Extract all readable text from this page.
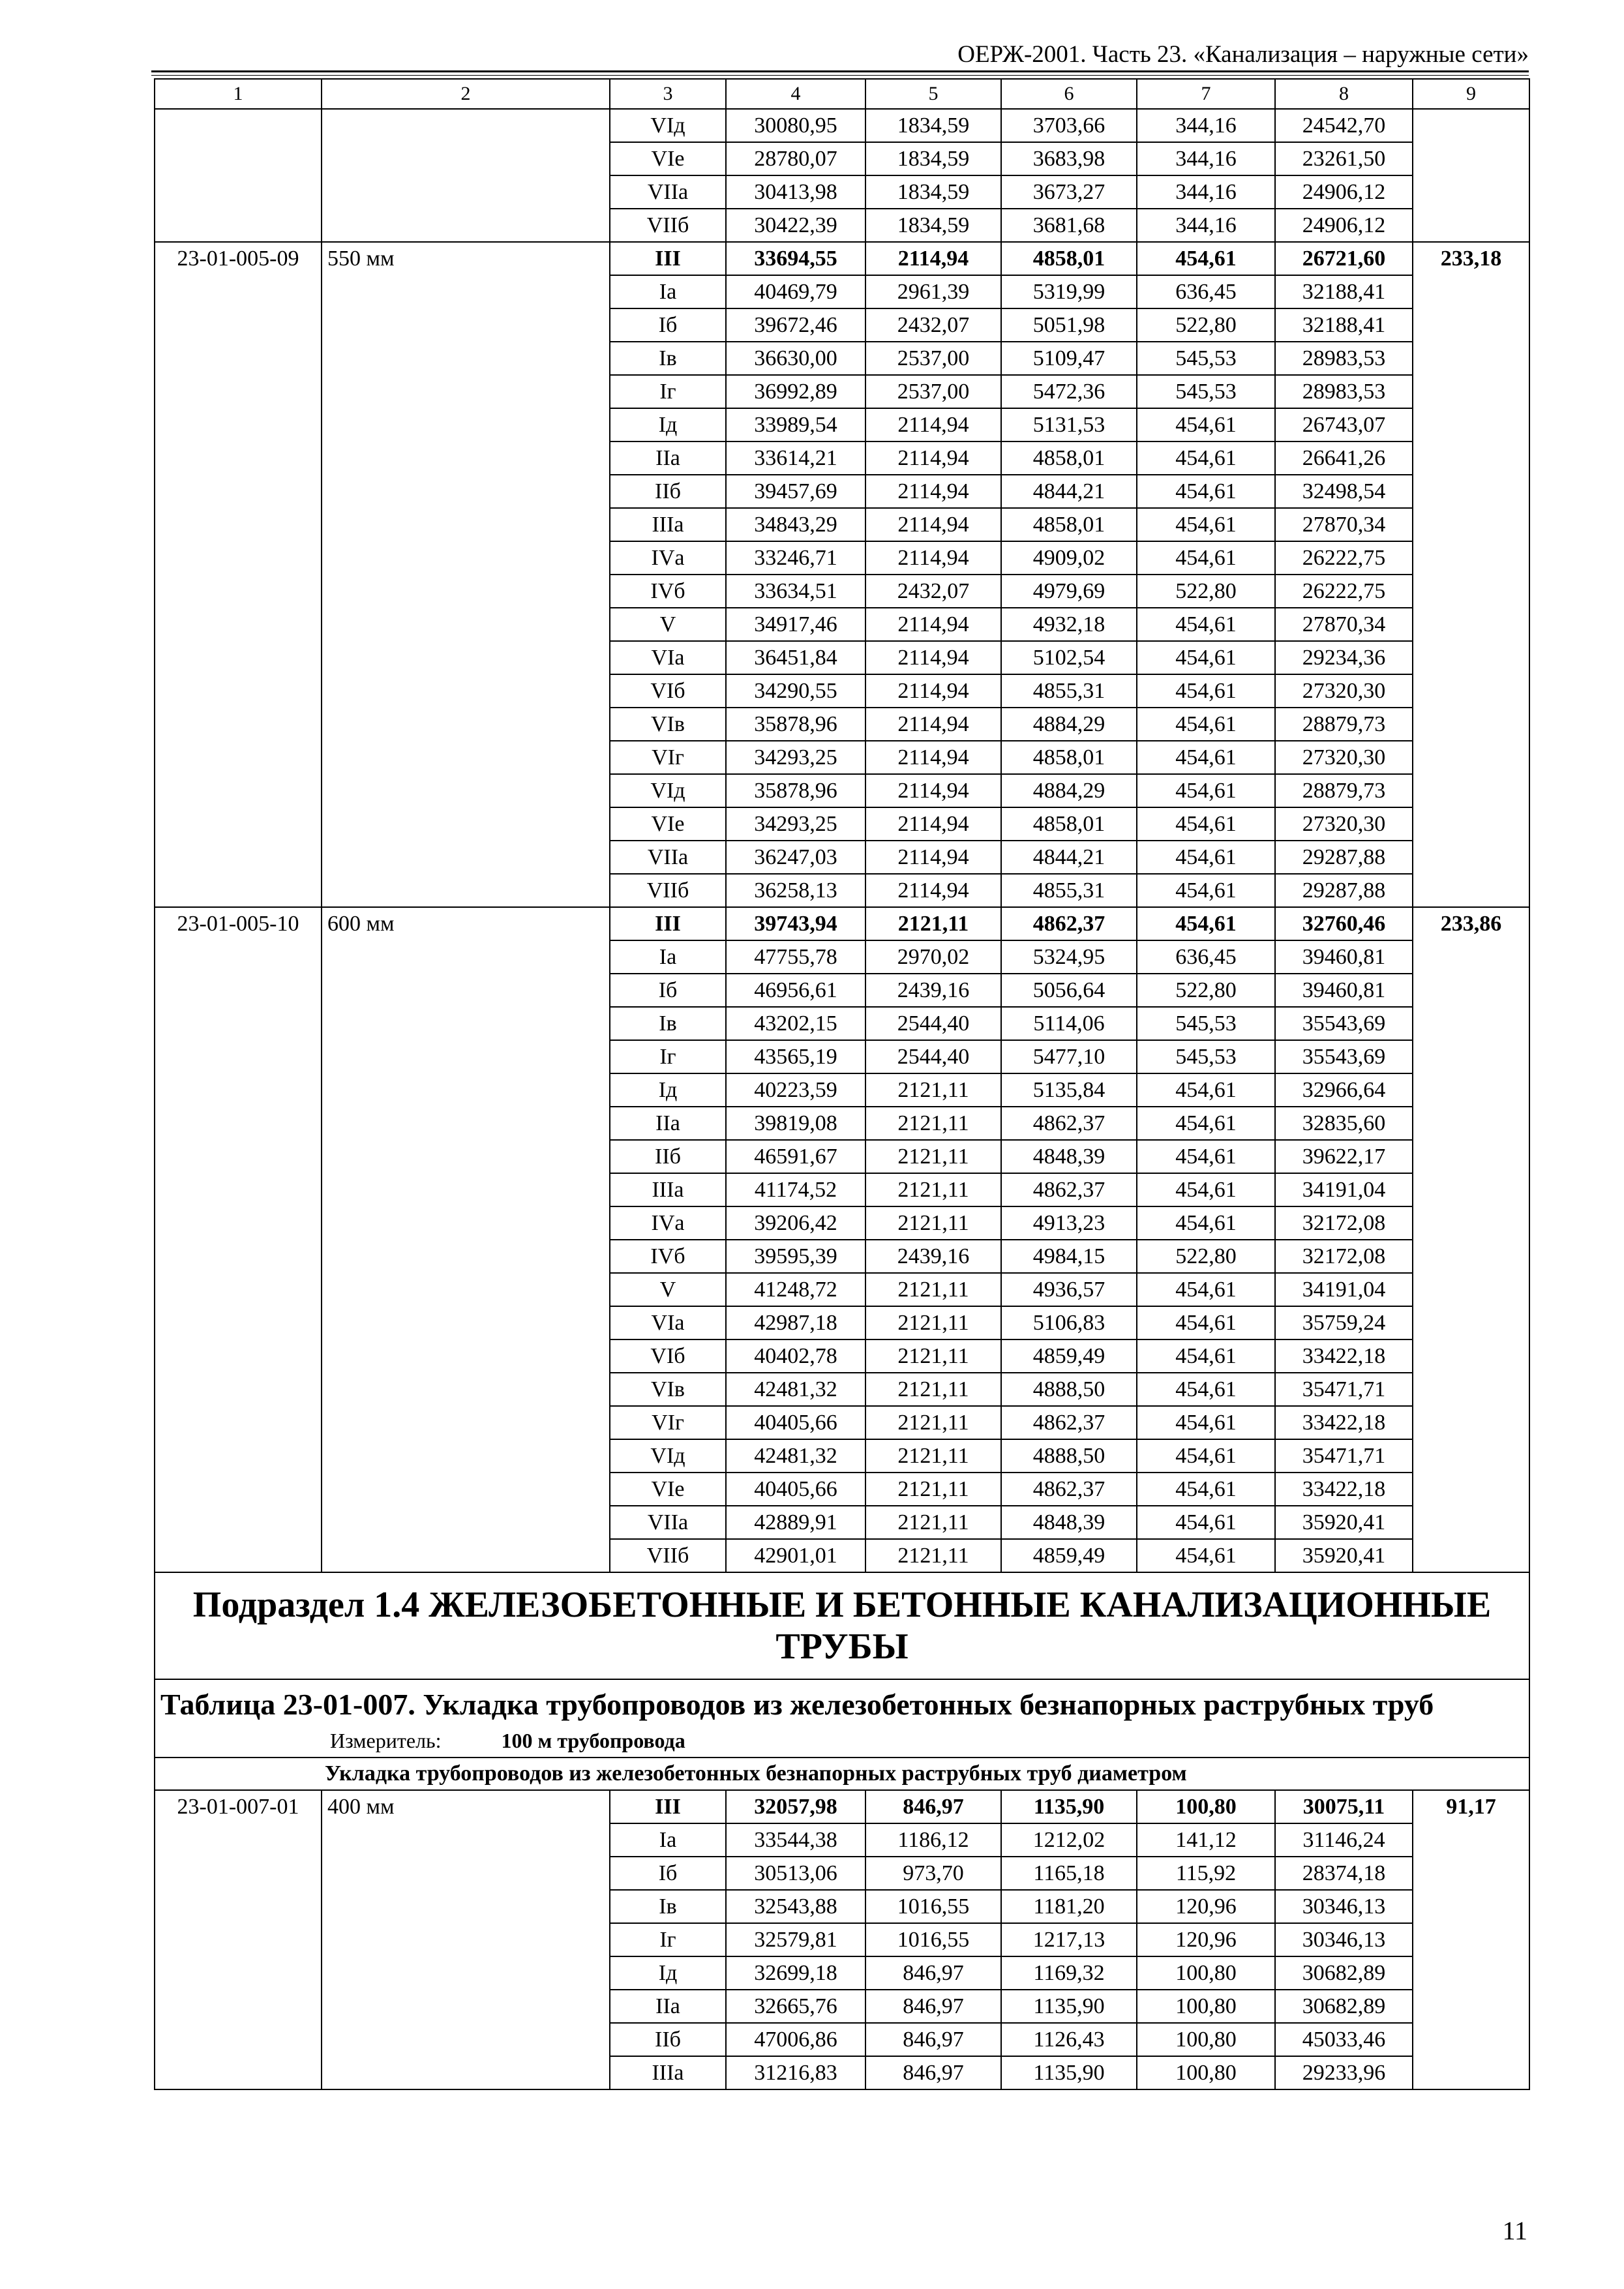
ОЕРЖ-2001. Часть 23. «Канализация – наружные сети»
1	2	3	4	5	6	7	8	9
		VIд	30080,95	1834,59	3703,66	344,16	24542,70	
		VIе	28780,07	1834,59	3683,98	344,16	23261,50	
		VIIа	30413,98	1834,59	3673,27	344,16	24906,12	
		VIIб	30422,39	1834,59	3681,68	344,16	24906,12	
23-01-005-09	550 мм	III	33694,55	2114,94	4858,01	454,61	26721,60	233,18
		Iа	40469,79	2961,39	5319,99	636,45	32188,41	
		Iб	39672,46	2432,07	5051,98	522,80	32188,41	
		Iв	36630,00	2537,00	5109,47	545,53	28983,53	
		Iг	36992,89	2537,00	5472,36	545,53	28983,53	
		Iд	33989,54	2114,94	5131,53	454,61	26743,07	
		IIа	33614,21	2114,94	4858,01	454,61	26641,26	
		IIб	39457,69	2114,94	4844,21	454,61	32498,54	
		IIIа	34843,29	2114,94	4858,01	454,61	27870,34	
		IVа	33246,71	2114,94	4909,02	454,61	26222,75	
		IVб	33634,51	2432,07	4979,69	522,80	26222,75	
		V	34917,46	2114,94	4932,18	454,61	27870,34	
		VIа	36451,84	2114,94	5102,54	454,61	29234,36	
		VIб	34290,55	2114,94	4855,31	454,61	27320,30	
		VIв	35878,96	2114,94	4884,29	454,61	28879,73	
		VIг	34293,25	2114,94	4858,01	454,61	27320,30	
		VIд	35878,96	2114,94	4884,29	454,61	28879,73	
		VIе	34293,25	2114,94	4858,01	454,61	27320,30	
		VIIа	36247,03	2114,94	4844,21	454,61	29287,88	
		VIIб	36258,13	2114,94	4855,31	454,61	29287,88	
23-01-005-10	600 мм	III	39743,94	2121,11	4862,37	454,61	32760,46	233,86
		Iа	47755,78	2970,02	5324,95	636,45	39460,81	
		Iб	46956,61	2439,16	5056,64	522,80	39460,81	
		Iв	43202,15	2544,40	5114,06	545,53	35543,69	
		Iг	43565,19	2544,40	5477,10	545,53	35543,69	
		Iд	40223,59	2121,11	5135,84	454,61	32966,64	
		IIа	39819,08	2121,11	4862,37	454,61	32835,60	
		IIб	46591,67	2121,11	4848,39	454,61	39622,17	
		IIIа	41174,52	2121,11	4862,37	454,61	34191,04	
		IVа	39206,42	2121,11	4913,23	454,61	32172,08	
		IVб	39595,39	2439,16	4984,15	522,80	32172,08	
		V	41248,72	2121,11	4936,57	454,61	34191,04	
		VIа	42987,18	2121,11	5106,83	454,61	35759,24	
		VIб	40402,78	2121,11	4859,49	454,61	33422,18	
		VIв	42481,32	2121,11	4888,50	454,61	35471,71	
		VIг	40405,66	2121,11	4862,37	454,61	33422,18	
		VIд	42481,32	2121,11	4888,50	454,61	35471,71	
		VIе	40405,66	2121,11	4862,37	454,61	33422,18	
		VIIа	42889,91	2121,11	4848,39	454,61	35920,41	
		VIIб	42901,01	2121,11	4859,49	454,61	35920,41	
Подраздел 1.4 ЖЕЛЕЗОБЕТОННЫЕ И БЕТОННЫЕ КАНАЛИЗАЦИОННЫЕ ТРУБЫ								

Таблица 23-01-007. Укладка трубопроводов из железобетонных безнапорных раструбных труб
Измеритель: 100 м трубопровода								

Укладка трубопроводов из железобетонных безнапорных раструбных труб диаметром								
23-01-007-01	400 мм	III	32057,98	846,97	1135,90	100,80	30075,11	91,17
		Iа	33544,38	1186,12	1212,02	141,12	31146,24	
		Iб	30513,06	973,70	1165,18	115,92	28374,18	
		Iв	32543,88	1016,55	1181,20	120,96	30346,13	
		Iг	32579,81	1016,55	1217,13	120,96	30346,13	
		Iд	32699,18	846,97	1169,32	100,80	30682,89	
		IIа	32665,76	846,97	1135,90	100,80	30682,89	
		IIб	47006,86	846,97	1126,43	100,80	45033,46	
		IIIа	31216,83	846,97	1135,90	100,80	29233,96	
11
